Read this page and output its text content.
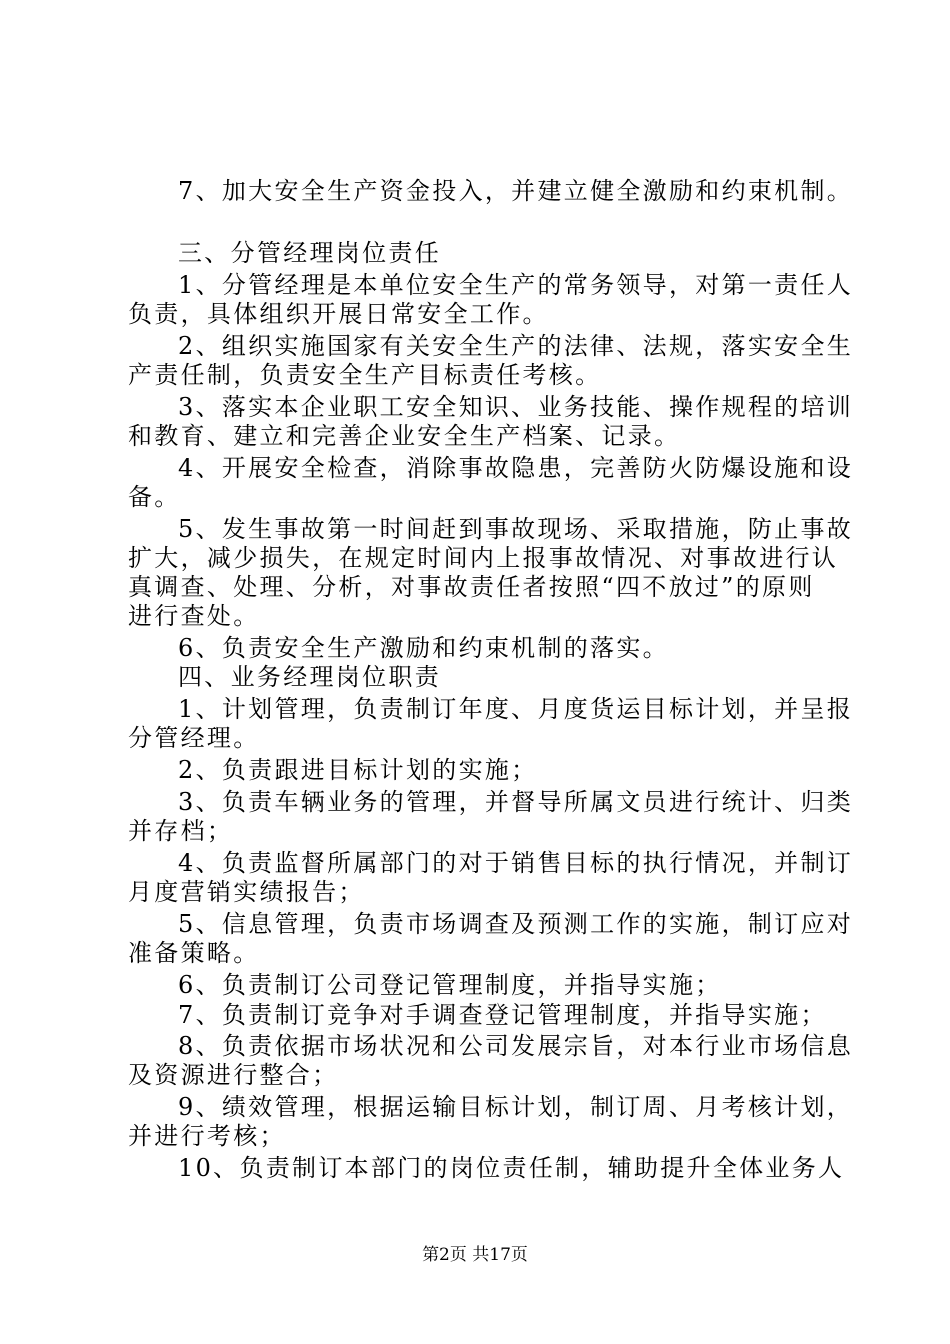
7、加大安全生产资金投入，并建立健全激励和约束机制。
三、分管经理岗位责任
1、分管经理是本单位安全生产的常务领导，对第一责任人
负责，具体组织开展日常安全工作。
2、组织实施国家有关安全生产的法律、法规，落实安全生
产责任制，负责安全生产目标责任考核。
3、落实本企业职工安全知识、业务技能、操作规程的培训
和教育、建立和完善企业安全生产档案、记录。
4、开展安全检查，消除事故隐患，完善防火防爆设施和设
备。
5、发生事故第一时间赶到事故现场、采取措施，防止事故
扩大，减少损失，在规定时间内上报事故情况、对事故进行认
真调查、处理、分析，对事故责任者按照“四不放过”的原则
进行查处。
6、负责安全生产激励和约束机制的落实。
四、业务经理岗位职责
1、计划管理，负责制订年度、月度货运目标计划，并呈报
分管经理。
2、负责跟进目标计划的实施；
3、负责车辆业务的管理，并督导所属文员进行统计、归类
并存档；
4、负责监督所属部门的对于销售目标的执行情况，并制订
月度营销实绩报告；
5、信息管理，负责市场调查及预测工作的实施，制订应对
准备策略。
6、负责制订公司登记管理制度，并指导实施；
7、负责制订竞争对手调查登记管理制度，并指导实施；
8、负责依据市场状况和公司发展宗旨，对本行业市场信息
及资源进行整合；
9、绩效管理，根据运输目标计划，制订周、月考核计划，
并进行考核；
10、负责制订本部门的岗位责任制，辅助提升全体业务人
第2页 共17页
